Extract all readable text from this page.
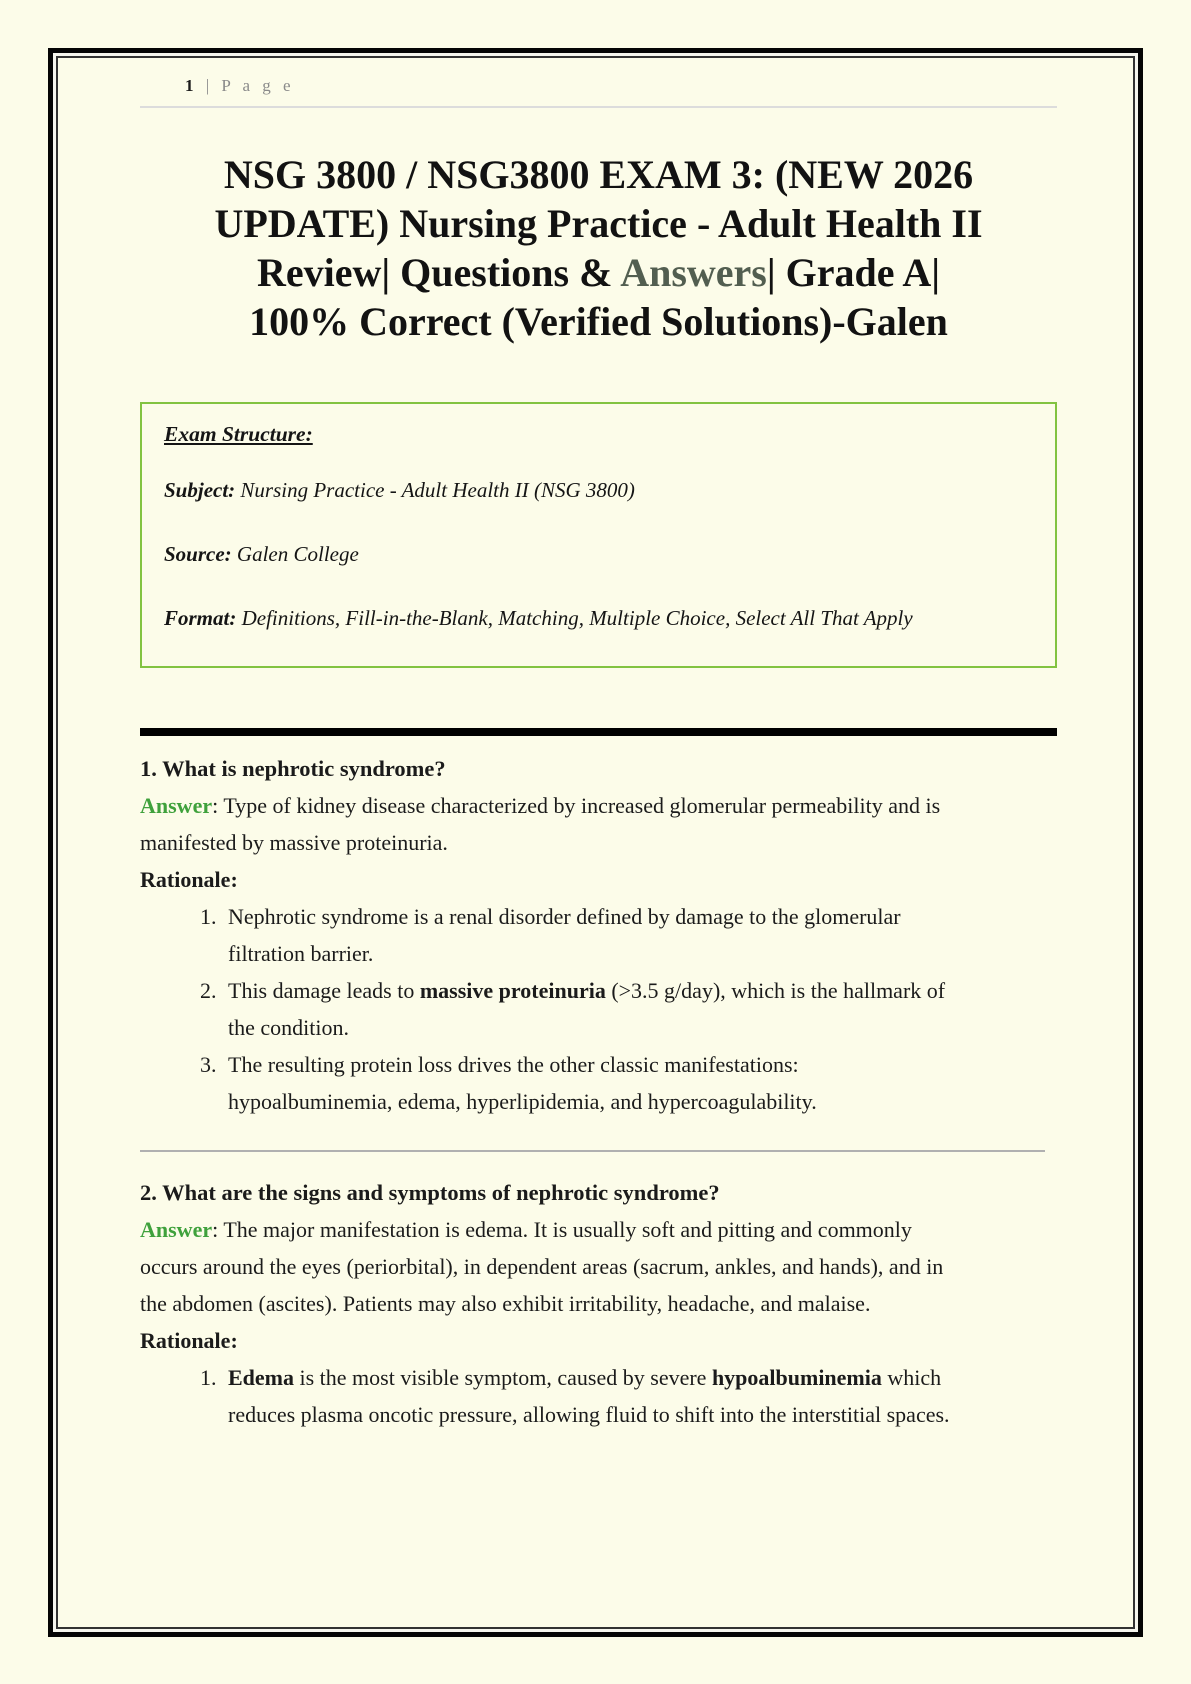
1 | P a g e
NSG 3800 / NSG3800 EXAM 3: (NEW 2026
UPDATE) Nursing Practice - Adult Health II
Review| Questions & Answers| Grade A|
100% Correct (Verified Solutions)-Galen

Exam Structure:

Subject: Nursing Practice - Adult Health II (NSG 3800)

Source: Galen College

Format: Definitions, Fill-in-the-Blank, Matching, Multiple Choice, Select All That Apply

1. What is nephrotic syndrome?

Answer: Type of kidney disease characterized by increased glomerular permeability and is manifested by massive proteinuria.

Rationale:

1. Nephrotic syndrome is a renal disorder defined by damage to the glomerular filtration barrier.
2. This damage leads to massive proteinuria (>3.5 g/day), which is the hallmark of the condition.
3. The resulting protein loss drives the other classic manifestations: hypoalbuminemia, edema, hyperlipidemia, and hypercoagulability.

2. What are the signs and symptoms of nephrotic syndrome?

Answer: The major manifestation is edema. It is usually soft and pitting and commonly occurs around the eyes (periorbital), in dependent areas (sacrum, ankles, and hands), and in the abdomen (ascites). Patients may also exhibit irritability, headache, and malaise.

Rationale:

1. Edema is the most visible symptom, caused by severe hypoalbuminemia which reduces plasma oncotic pressure, allowing fluid to shift into the interstitial spaces.
